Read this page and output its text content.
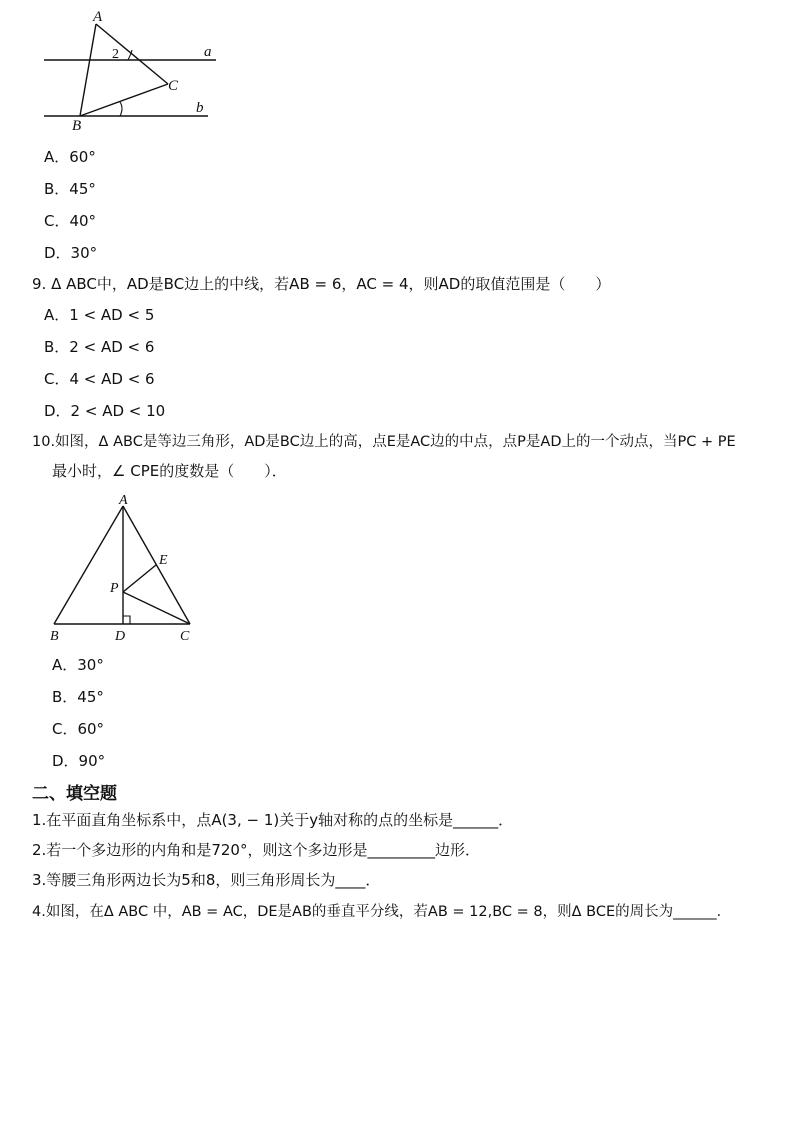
A
B
C
a
b
2
A．60°
B．45°
C．40°
D．30°
9. Δ ABC中，AD是BC边上的中线，若AB = 6，AC = 4，则AD的取值范围是（　　）
A．1 < AD < 5
B．2 < AD < 6
C．4 < AD < 6
D．2 < AD < 10
10.如图，Δ ABC是等边三角形，AD是BC边上的高，点E是AC边的中点，点P是AD上的一个动点，当PC + PE
最小时，∠ CPE的度数是（　　）．
A
B	C
D
E
P
A．30°
B．45°
C．60°
D．90°
二、填空题
1.在平面直角坐标系中，点A(3, − 1)关于y轴对称的点的坐标是______．
2.若一个多边形的内角和是720°，则这个多边形是_________边形．
3.等腰三角形两边长为5和8，则三角形周长为____．
4.如图，在Δ ABC 中，AB = AC，DE是AB的垂直平分线，若AB = 12,BC = 8，则Δ BCE的周长为______．
